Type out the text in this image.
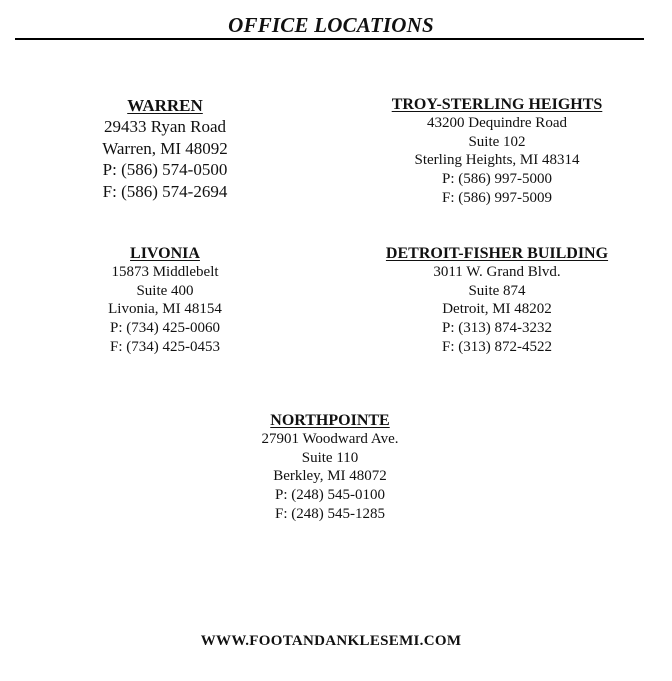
OFFICE LOCATIONS
WARREN
29433 Ryan Road
Warren, MI 48092
P: (586) 574-0500
F: (586) 574-2694
TROY-STERLING HEIGHTS
43200 Dequindre Road
Suite 102
Sterling Heights, MI 48314
P: (586) 997-5000
F: (586) 997-5009
LIVONIA
15873 Middlebelt
Suite 400
Livonia, MI 48154
P: (734) 425-0060
F: (734) 425-0453
DETROIT-FISHER BUILDING
3011 W. Grand Blvd.
Suite 874
Detroit, MI 48202
P: (313) 874-3232
F: (313) 872-4522
NORTHPOINTE
27901 Woodward Ave.
Suite 110
Berkley, MI 48072
P: (248) 545-0100
F: (248) 545-1285
WWW.FOOTANDANKLESEMI.COM
